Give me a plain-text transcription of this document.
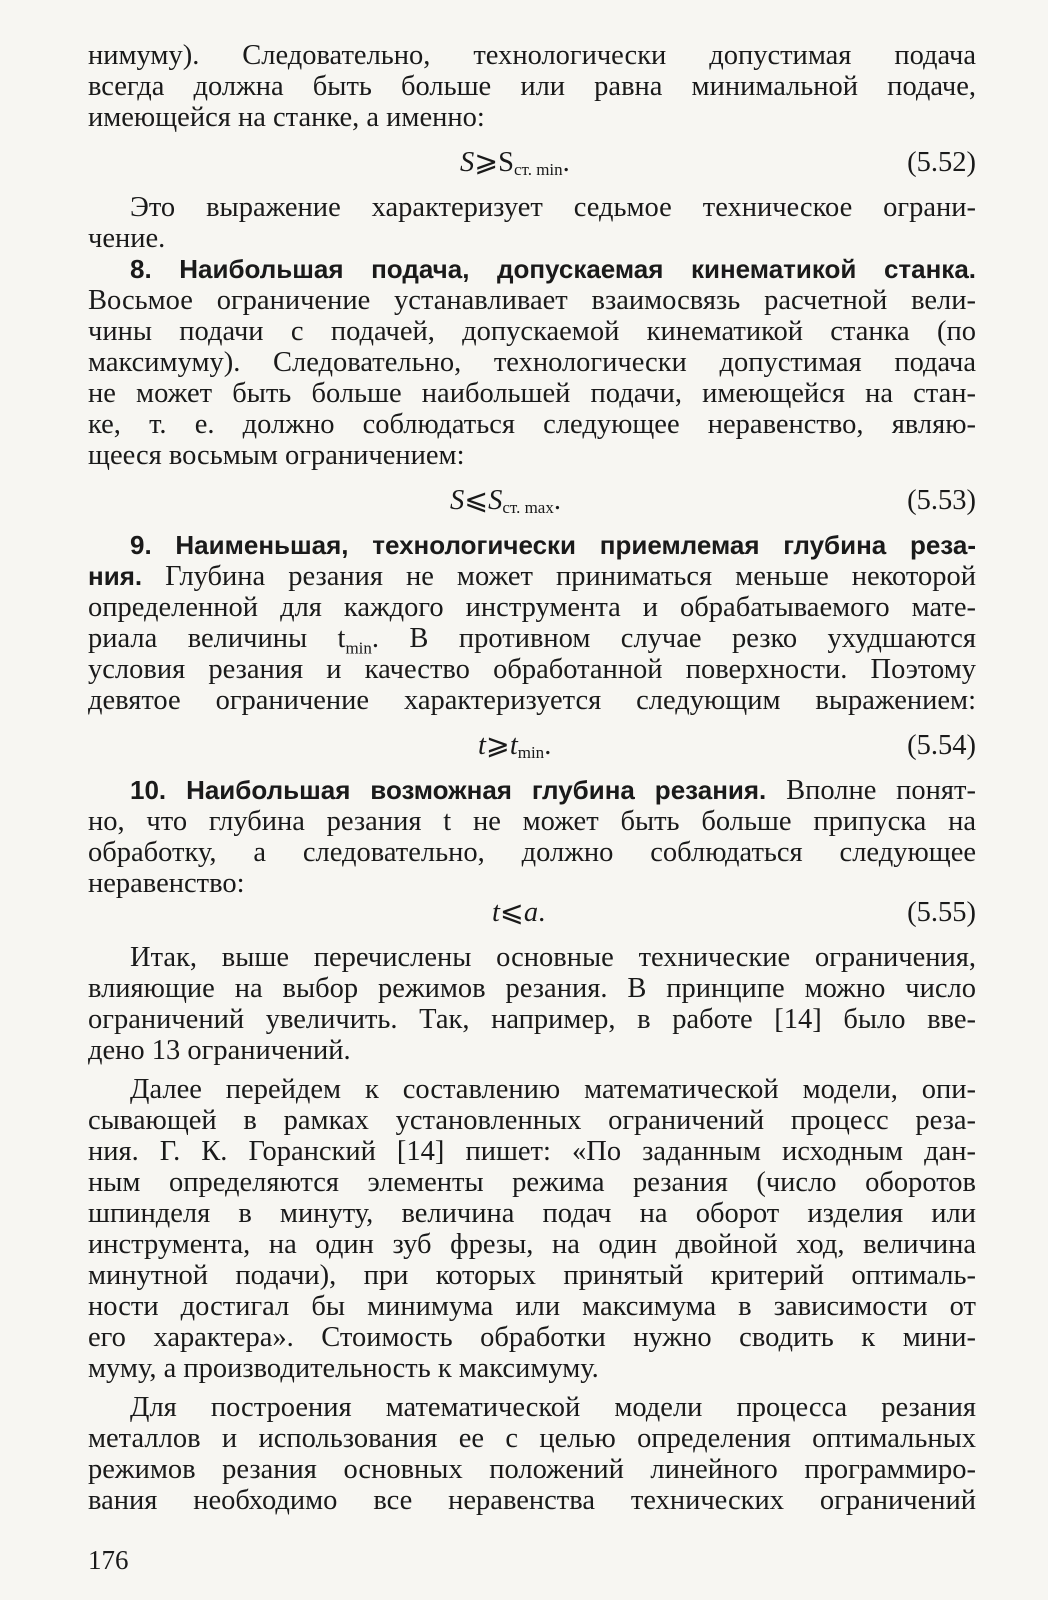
нимуму). Следовательно, технологически допустимая подача
всегда должна быть больше или равна минимальной подаче,
имеющейся на станке, а именно:
$S⩾S_{ст. min}$.	(5.52)
Это выражение характеризует седьмое техническое ограни-
чение.
8. Наибольшая подача, допускаемая кинематикой станка.
Восьмое ограничение устанавливает взаимосвязь расчетной вели-
чины подачи с подачей, допускаемой кинематикой станка (по
максимуму). Следовательно, технологически допустимая подача
не может быть больше наибольшей подачи, имеющейся на стан-
ке, т. е. должно соблюдаться следующее неравенство, являю-
щееся восьмым ограничением:
$S⩽S_{ст. max}$.	(5.53)
9. Наименьшая, технологически приемлемая глубина реза-
ния. Глубина резания не может приниматься меньше некоторой
определенной для каждого инструмента и обрабатываемого мате-
риала величины $t_{min}$. В противном случае резко ухудшаются
условия резания и качество обработанной поверхности. Поэтому
девятое ограничение характеризуется следующим выражением:
$t⩾t_{min}$.	(5.54)
10. Наибольшая возможная глубина резания. Вполне понят-
но, что глубина резания t не может быть больше припуска на
обработку, а следовательно, должно соблюдаться следующее
неравенство:
t⩽a.	(5.55)
Итак, выше перечислены основные технические ограничения,
влияющие на выбор режимов резания. В принципе можно число
ограничений увеличить. Так, например, в работе [14] было вве-
дено 13 ограничений.
Далее перейдем к составлению математической модели, опи-
сывающей в рамках установленных ограничений процесс реза-
ния. Г. К. Горанский [14] пишет: «По заданным исходным дан-
ным определяются элементы режима резания (число оборотов
шпинделя в минуту, величина подач на оборот изделия или
инструмента, на один зуб фрезы, на один двойной ход, величина
минутной подачи), при которых принятый критерий оптималь-
ности достигал бы минимума или максимума в зависимости от
его характера». Стоимость обработки нужно сводить к мини-
муму, а производительность к максимуму.
Для построения математической модели процесса резания
металлов и использования ее с целью определения оптимальных
режимов резания основных положений линейного программиро-
вания необходимо все неравенства технических ограничений
176
